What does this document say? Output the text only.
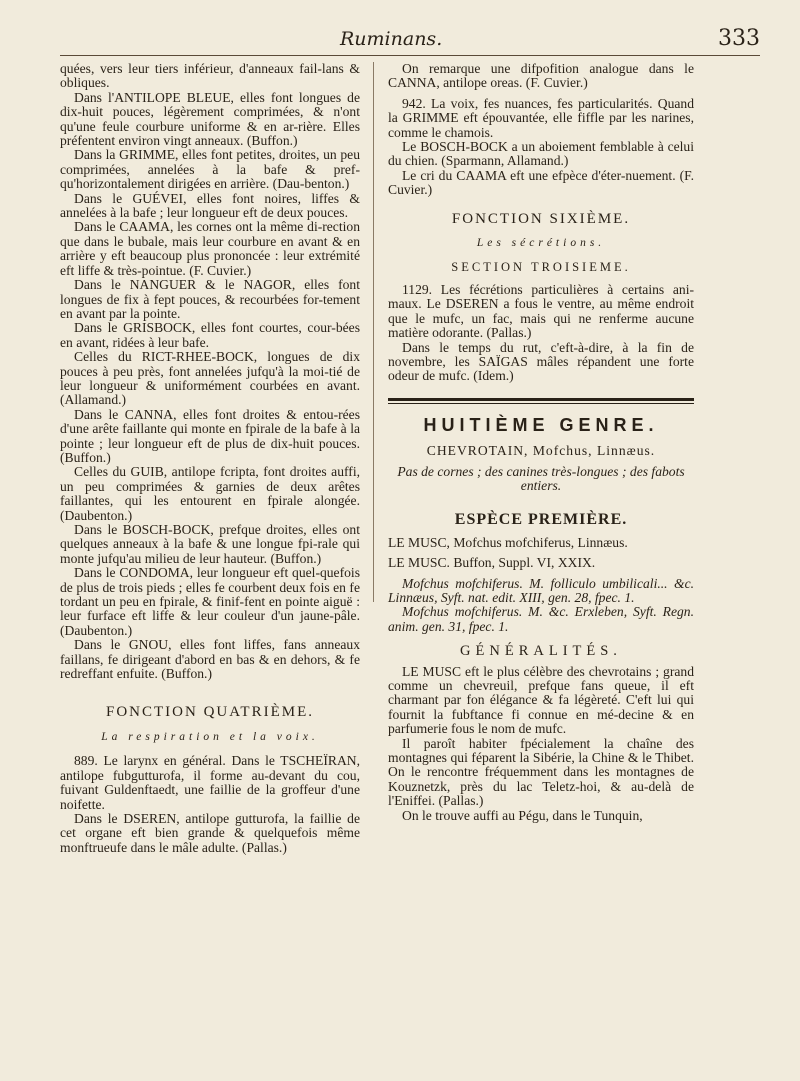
Ruminans.	333

quées, vers leur tiers inférieur, d'anneaux fail-lans & obliques.

Dans l'ANTILOPE BLEUE, elles font longues de dix-huit pouces, légèrement comprimées, & n'ont qu'une feule courbure uniforme & en ar-rière. Elles préfentent environ vingt anneaux. (Buffon.)

Dans la GRIMME, elles font petites, droites, un peu comprimées, annelées à la bafe & pref-qu'horizontalement dirigées en arrière. (Dau-benton.)

Dans le GUÉVEI, elles font noires, liffes & annelées à la bafe ; leur longueur eft de deux pouces.

Dans le CAAMA, les cornes ont la même di-rection que dans le bubale, mais leur courbure en avant & en arrière y eft beaucoup plus prononcée : leur extrémité eft liffe & très-pointue. (F. Cuvier.)

Dans le NANGUER & le NAGOR, elles font longues de fix à fept pouces, & recourbées for-tement en avant par la pointe.

Dans le GRISBOCK, elles font courtes, cour-bées en avant, ridées à leur bafe.

Celles du RICT-RHEE-BOCK, longues de dix pouces à peu près, font annelées jufqu'à la moi-tié de leur longueur & uniformément courbées en avant. (Allamand.)

Dans le CANNA, elles font droites & entou-rées d'une arête faillante qui monte en fpirale de la bafe à la pointe ; leur longueur eft de plus de dix-huit pouces. (Buffon.)

Celles du GUIB, antilope fcripta, font droites auffi, un peu comprimées & garnies de deux arêtes faillantes, qui les entourent en fpirale alongée. (Daubenton.)

Dans le BOSCH-BOCK, prefque droites, elles ont quelques anneaux à la bafe & une longue fpi-rale qui monte jufqu'au milieu de leur hauteur. (Buffon.)

Dans le CONDOMA, leur longueur eft quel-quefois de plus de trois pieds ; elles fe courbent deux fois en fe tordant un peu en fpirale, & finif-fent en pointe aiguë : leur furface eft liffe & leur couleur d'un jaune-pâle. (Daubenton.)

Dans le GNOU, elles font liffes, fans anneaux faillans, fe dirigeant d'abord en bas & en dehors, & fe redreffant enfuite. (Buffon.)

FONCTION QUATRIÈME.

La respiration et la voix.

889. Le larynx en général. Dans le TSCHEÏRAN, antilope fubgutturofa, il forme au-devant du cou, fuivant Guldenftaedt, une faillie de la groffeur d'une noifette.

Dans le DSEREN, antilope gutturofa, la faillie de cet organe eft bien grande & quelquefois même monftrueufe dans le mâle adulte. (Pallas.)

On remarque une difpofition analogue dans le CANNA, antilope oreas. (F. Cuvier.)

942. La voix, fes nuances, fes particularités. Quand la GRIMME eft épouvantée, elle fiffle par les narines, comme le chamois.

Le BOSCH-BOCK a un aboiement femblable à celui du chien. (Sparmann, Allamand.)

Le cri du CAAMA eft une efpèce d'éter-nuement. (F. Cuvier.)

FONCTION SIXIÈME.

Les sécrétions.

SECTION TROISIEME.

1129. Les fécrétions particulières à certains ani-maux. Le DSEREN a fous le ventre, au même endroit que le mufc, un fac, mais qui ne renferme aucune matière odorante. (Pallas.)

Dans le temps du rut, c'eft-à-dire, à la fin de novembre, les SAÏGAS mâles répandent une forte odeur de mufc. (Idem.)

HUITIÈME GENRE.

CHEVROTAIN, Mofchus, Linnæus.

Pas de cornes ; des canines très-longues ; des fabots entiers.

ESPÈCE PREMIÈRE.

LE MUSC, Mofchus mofchiferus, Linnæus.

LE MUSC. Buffon, Suppl. VI, XXIX.

Mofchus mofchiferus. M. folliculo umbilicali... &c. Linnæus, Syft. nat. edit. XIII, gen. 28, fpec. 1.

Mofchus mofchiferus. M. &c. Erxleben, Syft. Regn. anim. gen. 31, fpec. 1.

GÉNÉRALITÉS.

LE MUSC eft le plus célèbre des chevrotains ; grand comme un chevreuil, prefque fans queue, il eft charmant par fon élégance & fa légèreté. C'eft lui qui fournit la fubftance fi connue en mé-decine & en parfumerie fous le nom de mufc.

Il paroît habiter fpécialement la chaîne des montagnes qui féparent la Sibérie, la Chine & le Thibet. On le rencontre fréquemment dans les montagnes de Kouznetzk, près du lac Teletz-hoi, & au-delà de l'Eniffei. (Pallas.)

On le trouve auffi au Pégu, dans le Tunquin,
